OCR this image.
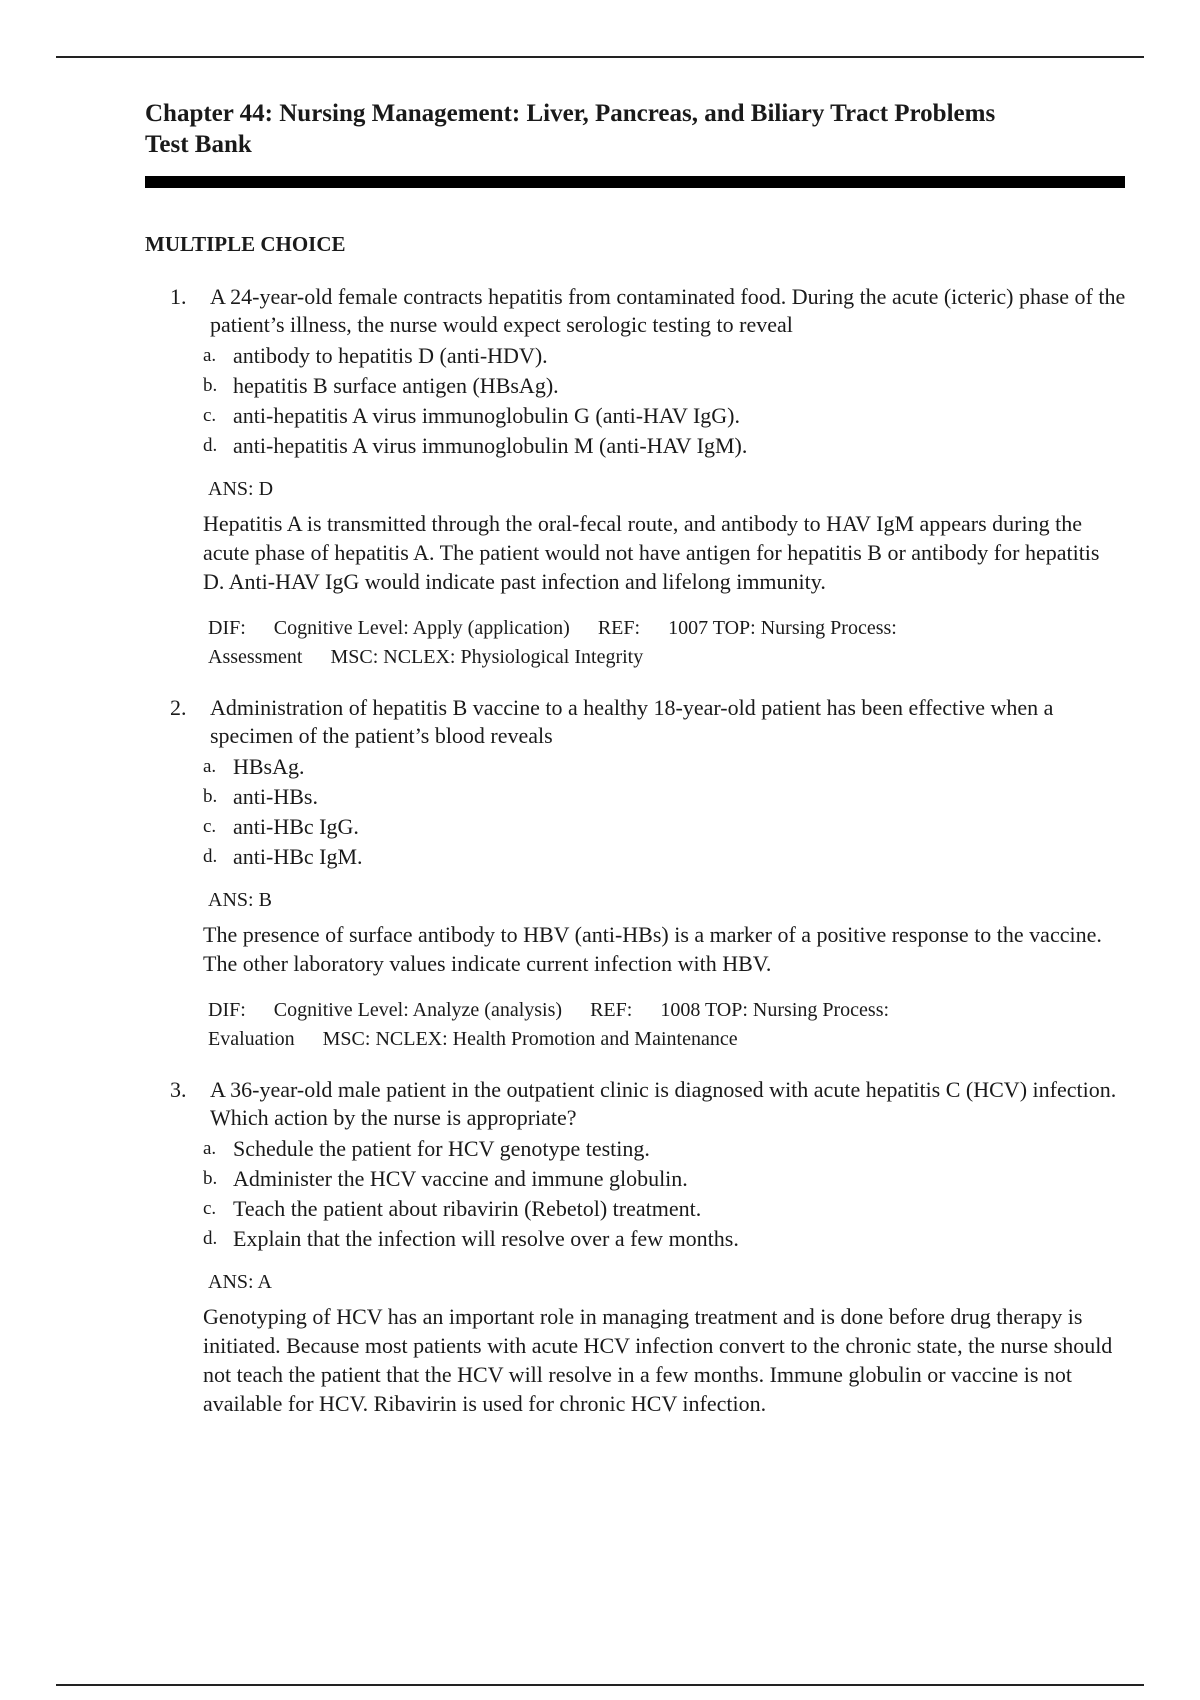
Chapter 44: Nursing Management: Liver, Pancreas, and Biliary Tract Problems

Test Bank

MULTIPLE CHOICE

1.	A 24-year-old female contracts hepatitis from contaminated food. During the acute (icteric) phase of the patient’s illness, the nurse would expect serologic testing to reveal
a. antibody to hepatitis D (anti-HDV).
b. hepatitis B surface antigen (HBsAg).
c. anti-hepatitis A virus immunoglobulin G (anti-HAV IgG).
d. anti-hepatitis A virus immunoglobulin M (anti-HAV IgM).
ANS: D
Hepatitis A is transmitted through the oral-fecal route, and antibody to HAV IgM appears during the acute phase of hepatitis A. The patient would not have antigen for hepatitis B or antibody for hepatitis D. Anti-HAV IgG would indicate past infection and lifelong immunity.
DIF: Cognitive Level: Apply (application) REF: 1007 TOP: Nursing Process: Assessment MSC: NCLEX: Physiological Integrity
2.	Administration of hepatitis B vaccine to a healthy 18-year-old patient has been effective when a specimen of the patient’s blood reveals
a. HBsAg.
b. anti-HBs.
c. anti-HBc IgG.
d. anti-HBc IgM.
ANS: B
The presence of surface antibody to HBV (anti-HBs) is a marker of a positive response to the vaccine. The other laboratory values indicate current infection with HBV.
DIF: Cognitive Level: Analyze (analysis) REF: 1008 TOP: Nursing Process: Evaluation MSC: NCLEX: Health Promotion and Maintenance
3.	A 36-year-old male patient in the outpatient clinic is diagnosed with acute hepatitis C (HCV) infection. Which action by the nurse is appropriate?
a. Schedule the patient for HCV genotype testing.
b. Administer the HCV vaccine and immune globulin.
c. Teach the patient about ribavirin (Rebetol) treatment.
d. Explain that the infection will resolve over a few months.
ANS: A
Genotyping of HCV has an important role in managing treatment and is done before drug therapy is initiated. Because most patients with acute HCV infection convert to the chronic state, the nurse should not teach the patient that the HCV will resolve in a few months. Immune globulin or vaccine is not available for HCV. Ribavirin is used for chronic HCV infection.
